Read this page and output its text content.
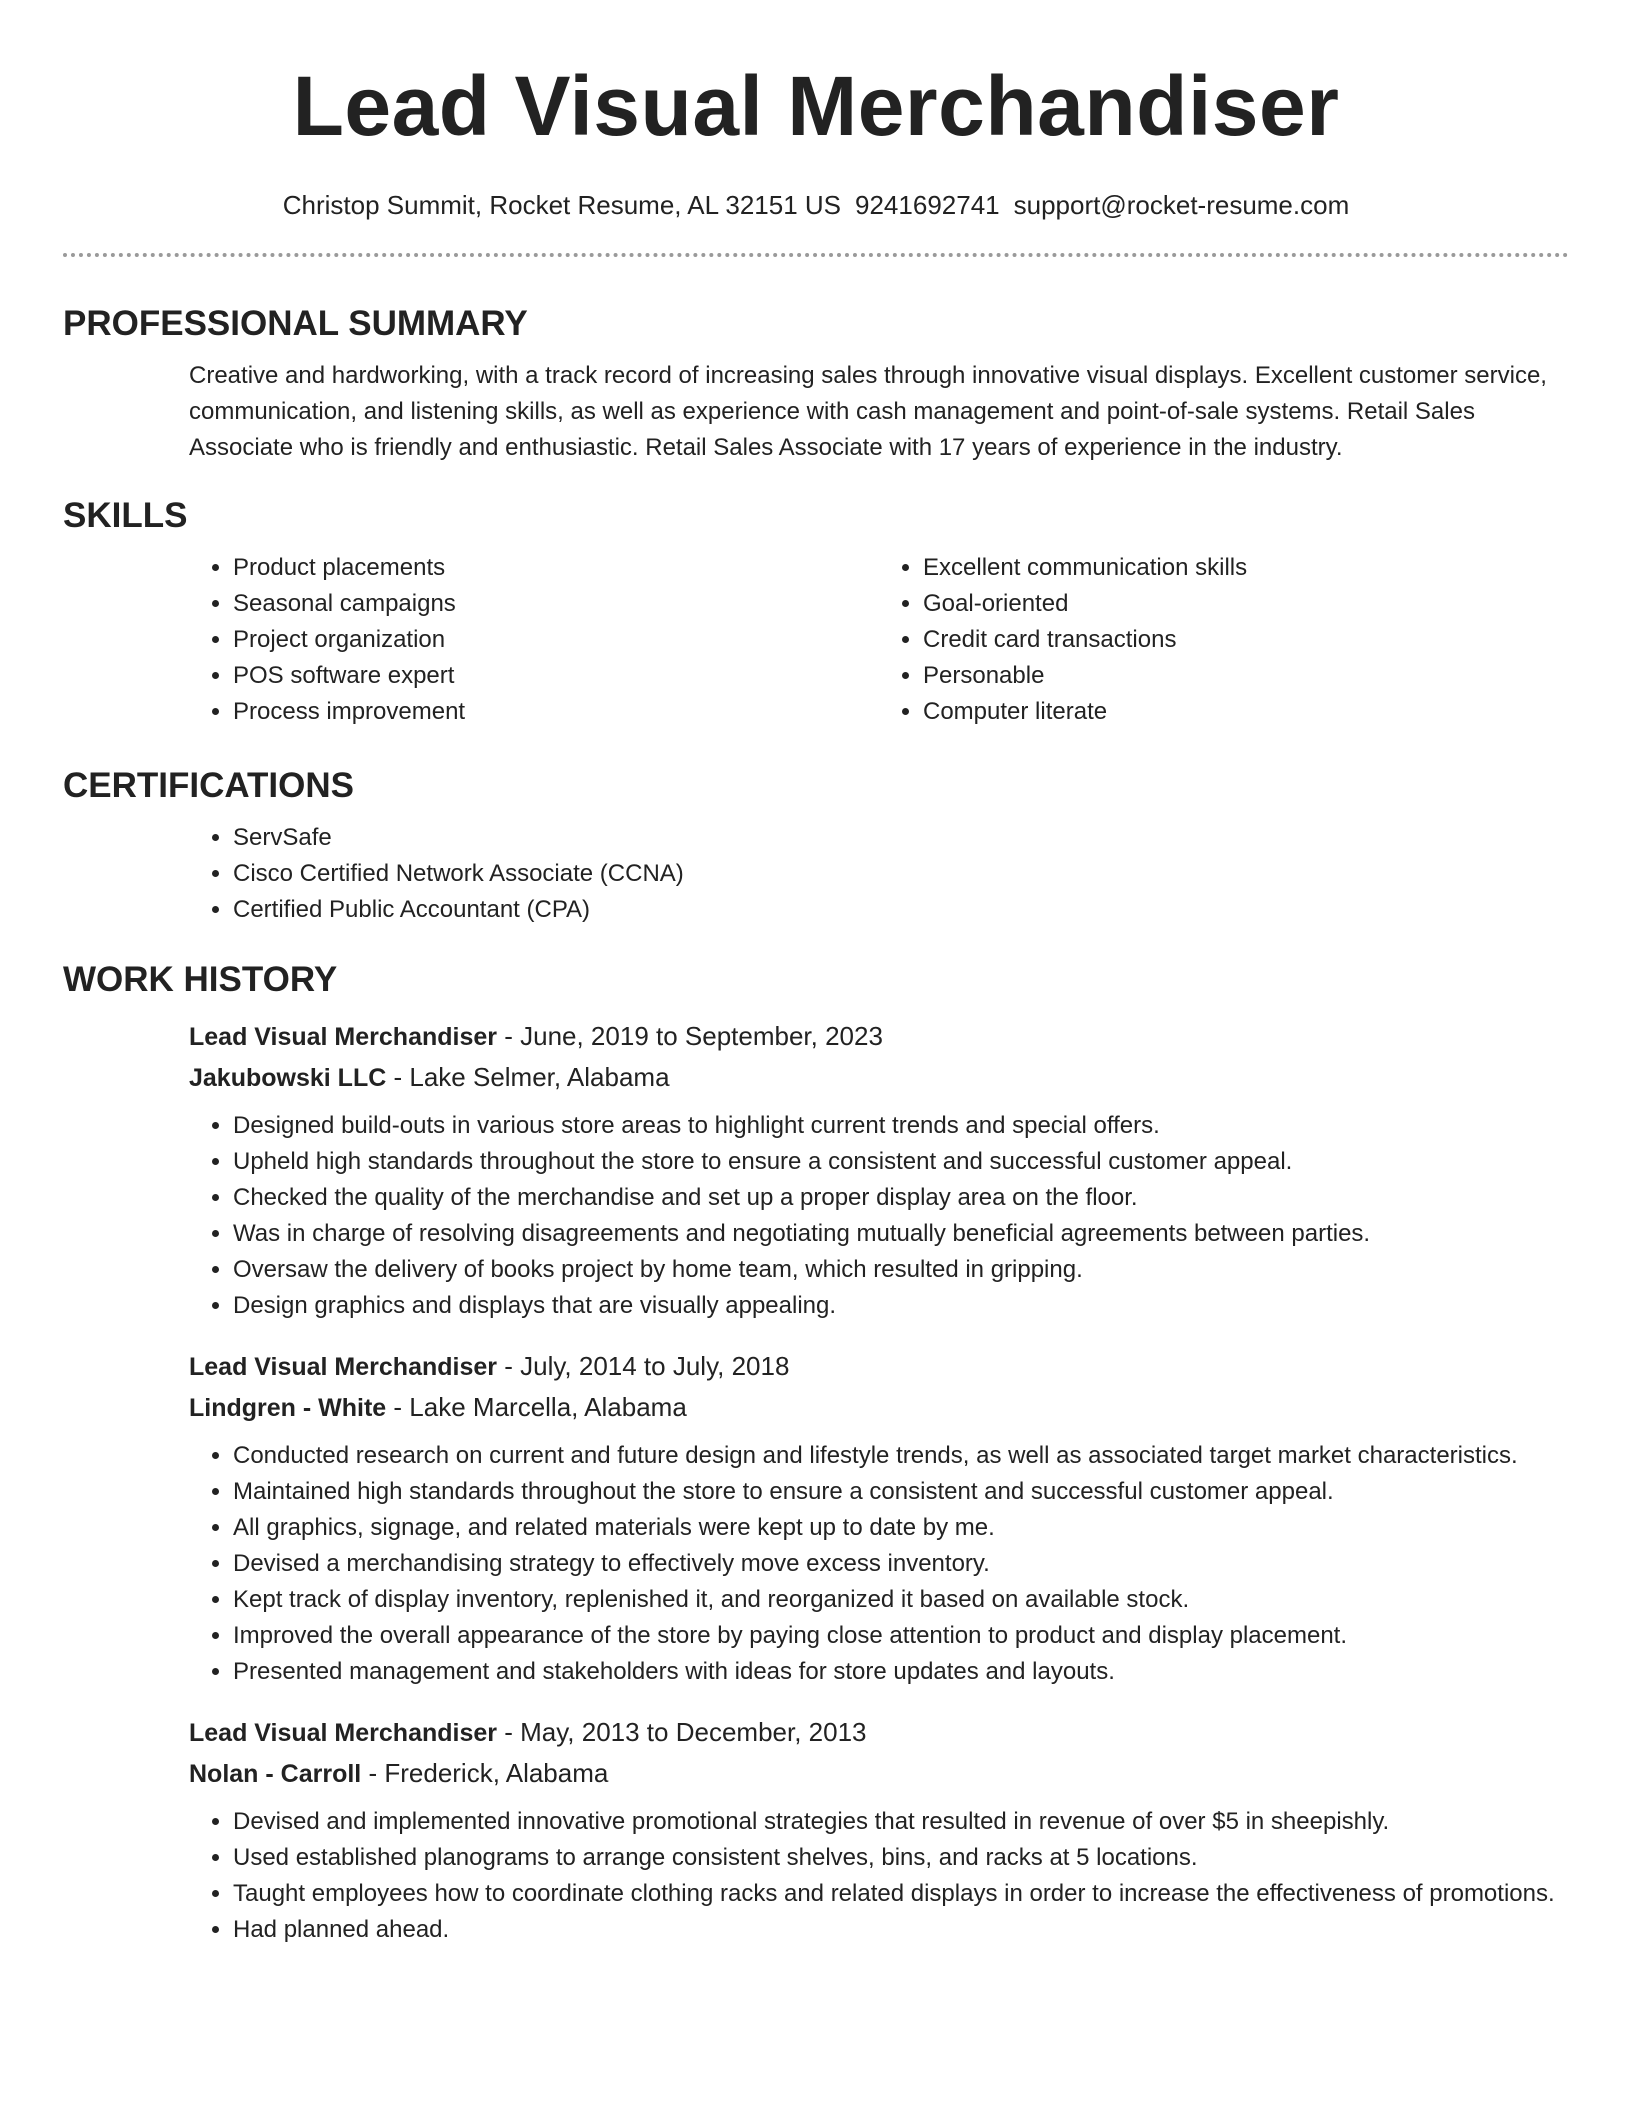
Lead Visual Merchandiser
Christop Summit, Rocket Resume, AL 32151 US 9241692741 support@rocket-resume.com
PROFESSIONAL SUMMARY

Creative and hardworking, with a track record of increasing sales through innovative visual displays. Excellent customer service, communication, and listening skills, as well as experience with cash management and point-of-sale systems. Retail Sales Associate who is friendly and enthusiastic. Retail Sales Associate with 17 years of experience in the industry.

SKILLS
• Product placements
• Seasonal campaigns
• Project organization
• POS software expert
• Process improvement
• Excellent communication skills
• Goal-oriented
• Credit card transactions
• Personable
• Computer literate
CERTIFICATIONS
• ServSafe
• Cisco Certified Network Associate (CCNA)
• Certified Public Accountant (CPA)
WORK HISTORY
Lead Visual Merchandiser - June, 2019 to September, 2023
Jakubowski LLC - Lake Selmer, Alabama
• Designed build-outs in various store areas to highlight current trends and special offers.
• Upheld high standards throughout the store to ensure a consistent and successful customer appeal.
• Checked the quality of the merchandise and set up a proper display area on the floor.
• Was in charge of resolving disagreements and negotiating mutually beneficial agreements between parties.
• Oversaw the delivery of books project by home team, which resulted in gripping.
• Design graphics and displays that are visually appealing.
Lead Visual Merchandiser - July, 2014 to July, 2018
Lindgren - White - Lake Marcella, Alabama
• Conducted research on current and future design and lifestyle trends, as well as associated target market characteristics.
• Maintained high standards throughout the store to ensure a consistent and successful customer appeal.
• All graphics, signage, and related materials were kept up to date by me.
• Devised a merchandising strategy to effectively move excess inventory.
• Kept track of display inventory, replenished it, and reorganized it based on available stock.
• Improved the overall appearance of the store by paying close attention to product and display placement.
• Presented management and stakeholders with ideas for store updates and layouts.
Lead Visual Merchandiser - May, 2013 to December, 2013
Nolan - Carroll - Frederick, Alabama
• Devised and implemented innovative promotional strategies that resulted in revenue of over $5 in sheepishly.
• Used established planograms to arrange consistent shelves, bins, and racks at 5 locations.
• Taught employees how to coordinate clothing racks and related displays in order to increase the effectiveness of promotions.
• Had planned ahead.
